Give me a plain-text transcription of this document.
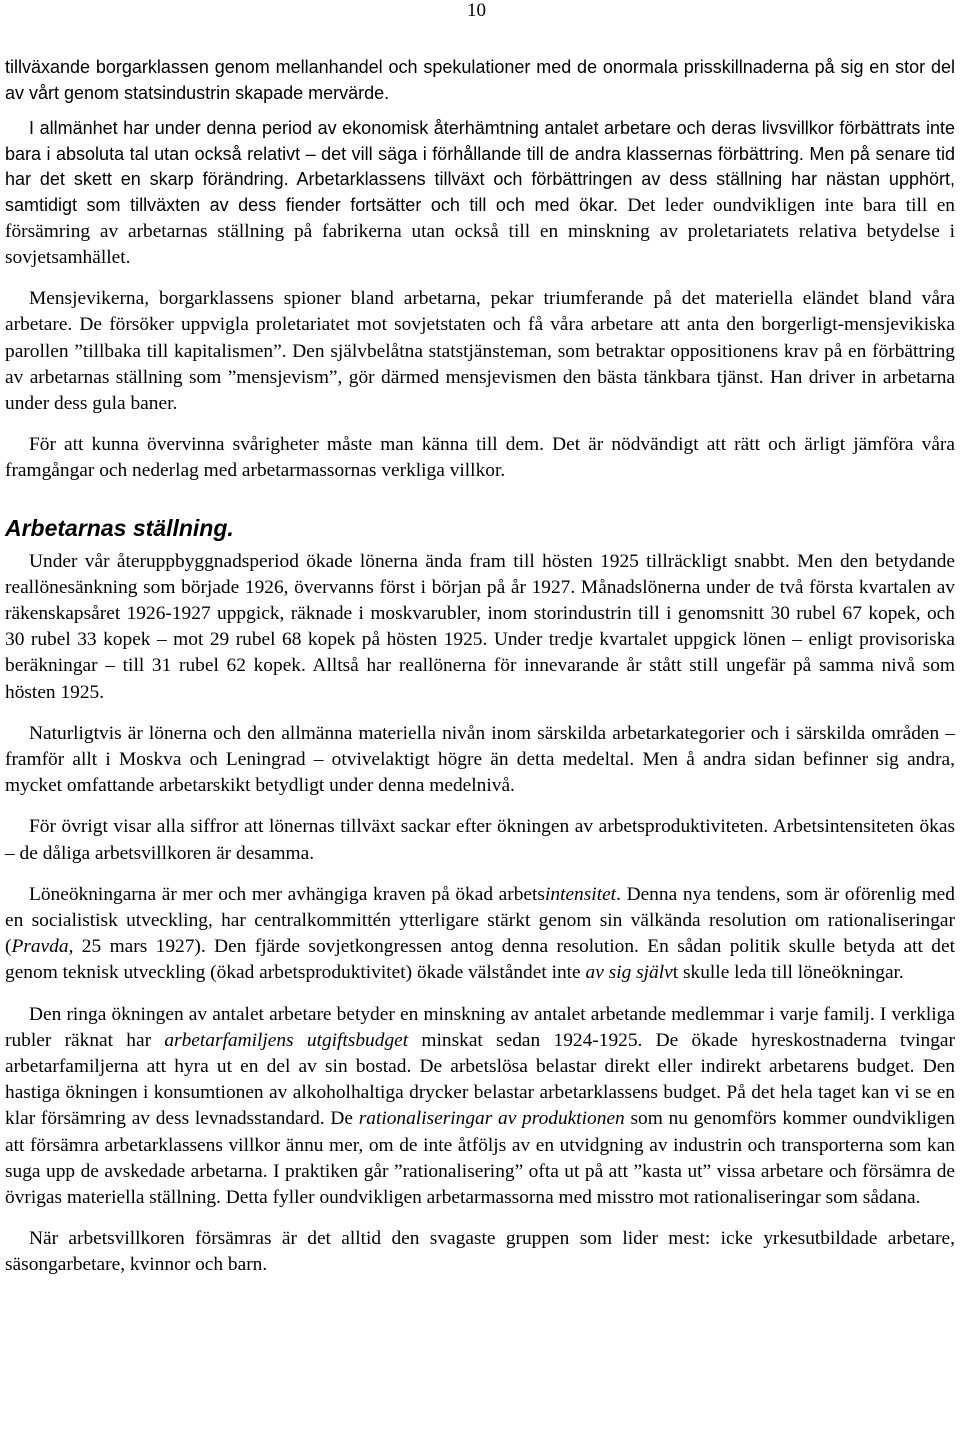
10

tillväxande borgarklassen genom mellanhandel och spekulationer med de onormala prisskillnaderna på sig en stor del av vårt genom statsindustrin skapade mervärde.

I allmänhet har under denna period av ekonomisk återhämtning antalet arbetare och deras livsvillkor förbättrats inte bara i absoluta tal utan också relativt – det vill säga i förhållande till de andra klassernas förbättring. Men på senare tid har det skett en skarp förändring. Arbetarklassens tillväxt och förbättringen av dess ställning har nästan upphört, samtidigt som tillväxten av dess fiender fortsätter och till och med ökar. Det leder oundvikligen inte bara till en försämring av arbetarnas ställning på fabrikerna utan också till en minskning av proletariatets relativa betydelse i sovjetsamhället.

Mensjevikerna, borgarklassens spioner bland arbetarna, pekar triumferande på det materiella eländet bland våra arbetare. De försöker uppvigla proletariatet mot sovjetstaten och få våra arbetare att anta den borgerligt-mensjevikiska parollen ”tillbaka till kapitalismen”. Den självbelåtna statstjänsteman, som betraktar oppositionens krav på en förbättring av arbetarnas ställning som ”mensjevism”, gör därmed mensjevismen den bästa tänkbara tjänst. Han driver in arbetarna under dess gula baner.

För att kunna övervinna svårigheter måste man känna till dem. Det är nödvändigt att rätt och ärligt jämföra våra framgångar och nederlag med arbetarmassornas verkliga villkor.

Arbetarnas ställning.

Under vår återuppbyggnadsperiod ökade lönerna ända fram till hösten 1925 tillräckligt snabbt. Men den betydande reallönesänkning som började 1926, övervanns först i början på år 1927. Månadslönerna under de två första kvartalen av räkenskapsåret 1926-1927 uppgick, räknade i moskvarubler, inom storindustrin till i genomsnitt 30 rubel 67 kopek, och 30 rubel 33 kopek – mot 29 rubel 68 kopek på hösten 1925. Under tredje kvartalet uppgick lönen – enligt provisoriska beräkningar – till 31 rubel 62 kopek. Alltså har reallönerna för innevarande år stått still ungefär på samma nivå som hösten 1925.

Naturligtvis är lönerna och den allmänna materiella nivån inom särskilda arbetarkategorier och i särskilda områden – framför allt i Moskva och Leningrad – otvivelaktigt högre än detta medeltal. Men å andra sidan befinner sig andra, mycket omfattande arbetarskikt betydligt under denna medelnivå.

För övrigt visar alla siffror att lönernas tillväxt sackar efter ökningen av arbetsproduktiviteten. Arbetsintensiteten ökas – de dåliga arbetsvillkoren är desamma.

Löneökningarna är mer och mer avhängiga kraven på ökad arbetsintensitet. Denna nya tendens, som är oförenlig med en socialistisk utveckling, har centralkommittén ytterligare stärkt genom sin välkända resolution om rationaliseringar (Pravda, 25 mars 1927). Den fjärde sovjetkongressen antog denna resolution. En sådan politik skulle betyda att det genom teknisk utveckling (ökad arbetsproduktivitet) ökade välståndet inte av sig självt skulle leda till löneökningar.

Den ringa ökningen av antalet arbetare betyder en minskning av antalet arbetande medlemmar i varje familj. I verkliga rubler räknat har arbetarfamiljens utgiftsbudget minskat sedan 1924-1925. De ökade hyreskostnaderna tvingar arbetarfamiljerna att hyra ut en del av sin bostad. De arbetslösa belastar direkt eller indirekt arbetarens budget. Den hastiga ökningen i konsumtionen av alkoholhaltiga drycker belastar arbetarklassens budget. På det hela taget kan vi se en klar försämring av dess levnadsstandard. De rationaliseringar av produktionen som nu genomförs kommer oundvikligen att försämra arbetarklassens villkor ännu mer, om de inte åtföljs av en utvidgning av industrin och transporterna som kan suga upp de avskedade arbetarna. I praktiken går ”rationalisering” ofta ut på att ”kasta ut” vissa arbetare och försämra de övrigas materiella ställning. Detta fyller oundvikligen arbetarmassorna med misstro mot rationaliseringar som sådana.

När arbetsvillkoren försämras är det alltid den svagaste gruppen som lider mest: icke yrkesutbildade arbetare, säsongarbetare, kvinnor och barn.
